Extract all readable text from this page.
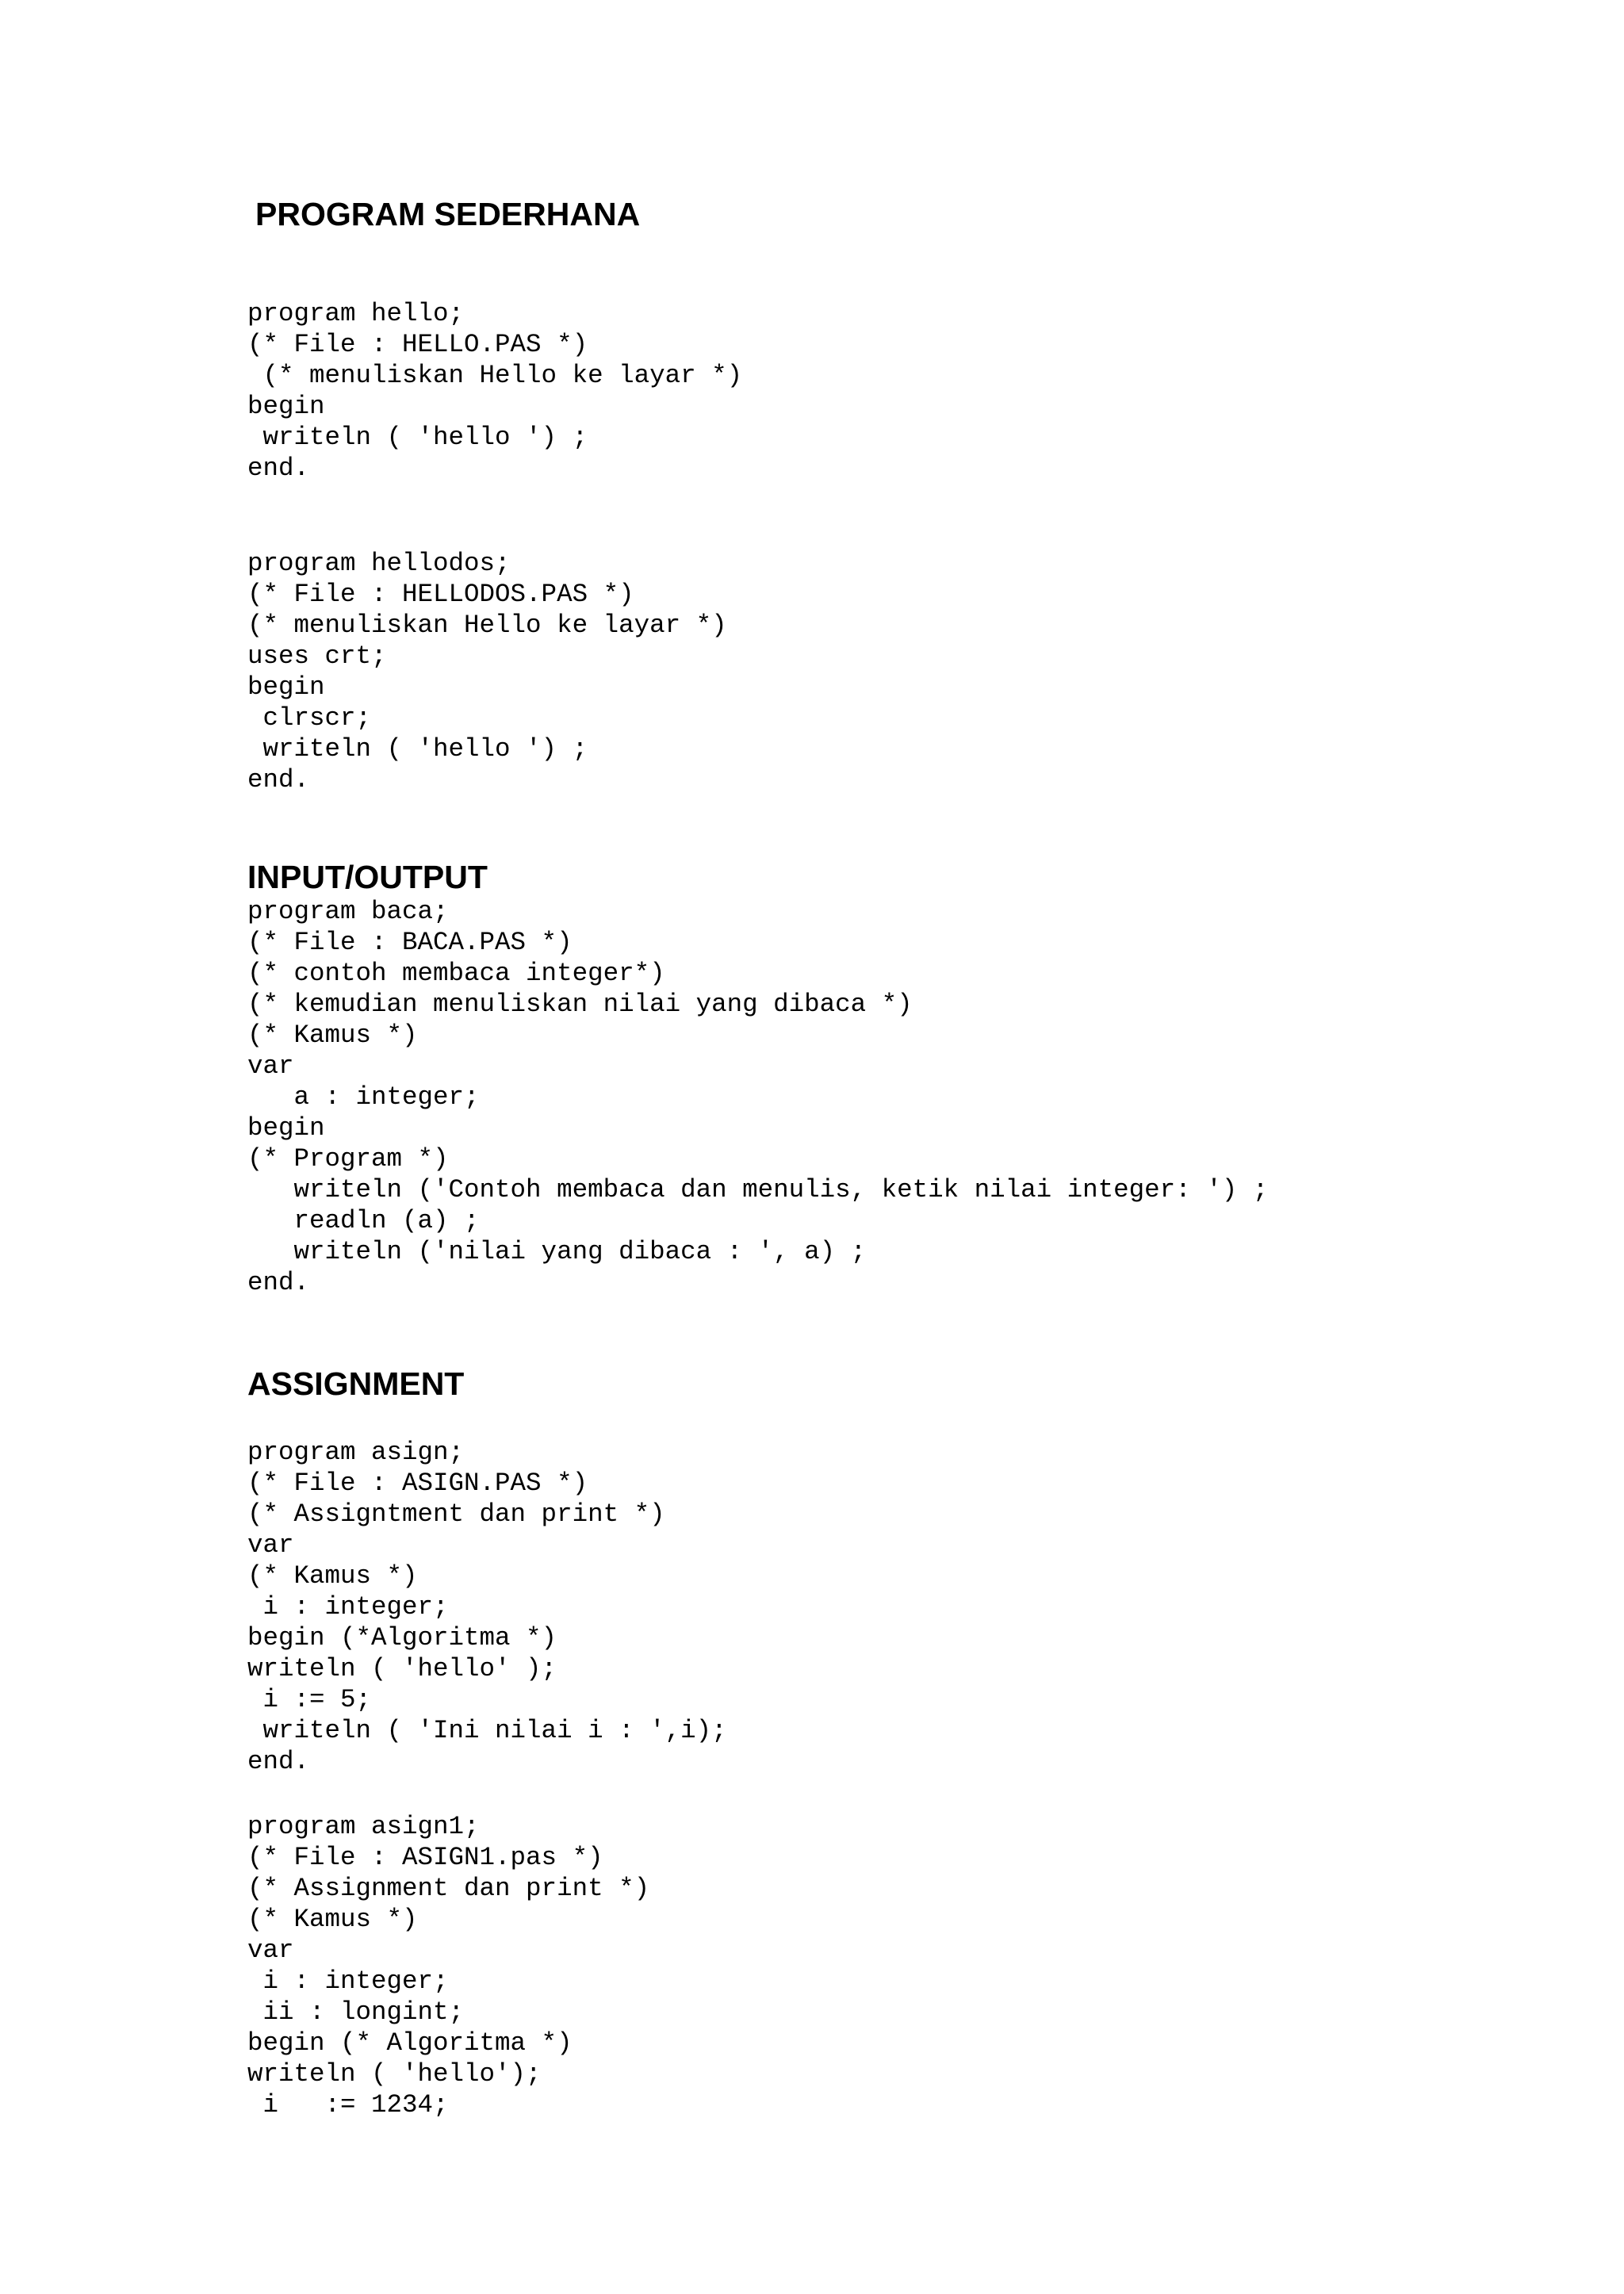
PROGRAM SEDERHANA
program hello;
(* File : HELLO.PAS *)
(* menuliskan Hello ke layar *)
begin
writeln ( 'hello ') ;
end.
program hellodos;
(* File : HELLODOS.PAS *)
(* menuliskan Hello ke layar *)
uses crt;
begin
clrscr;
writeln ( 'hello ') ;
end.
INPUT/OUTPUT
program baca;
(* File : BACA.PAS *)
(* contoh membaca integer*)
(* kemudian menuliskan nilai yang dibaca *)
(* Kamus *)
var
a : integer;
begin
(* Program *)
writeln ('Contoh membaca dan menulis, ketik nilai integer: ') ;
readln (a) ;
writeln ('nilai yang dibaca : ', a) ;
end.
ASSIGNMENT
program asign;
(* File : ASIGN.PAS *)
(* Assigntment dan print *)
var
(* Kamus *)
i : integer;
begin (*Algoritma *)
writeln ( 'hello' );
i := 5;
writeln ( 'Ini nilai i : ',i);
end.
program asign1;
(* File : ASIGN1.pas *)
(* Assignment dan print *)
(* Kamus *)
var
i : integer;
ii : longint;
begin (* Algoritma *)
writeln ( 'hello');
i   := 1234;
